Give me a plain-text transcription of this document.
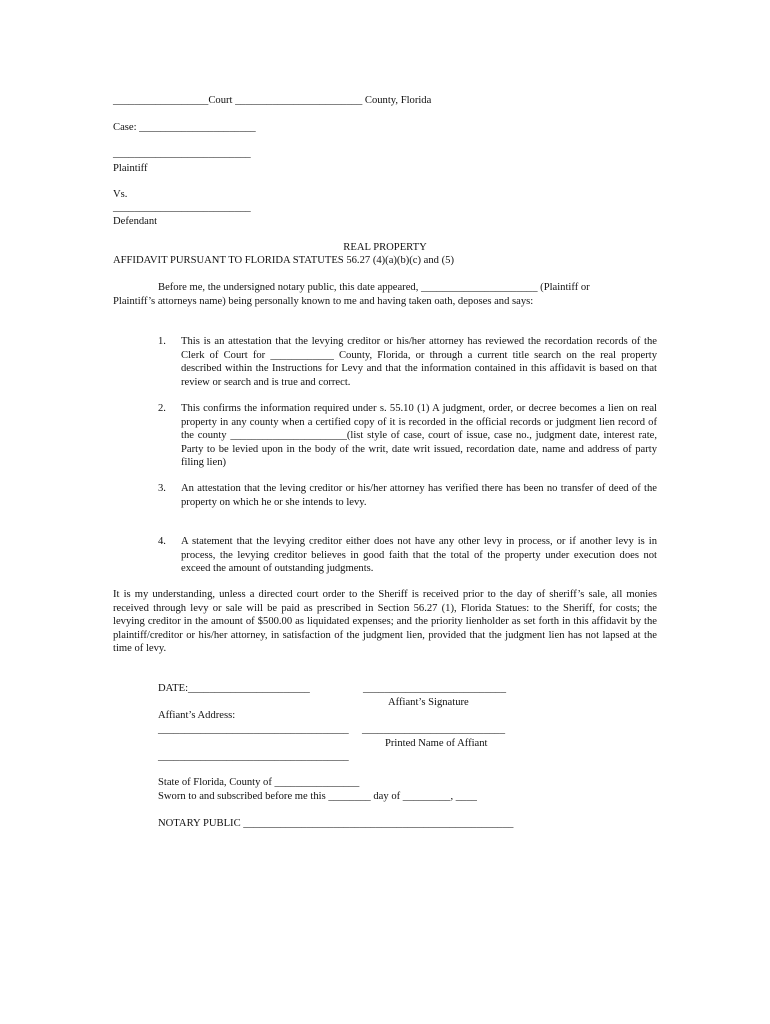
__________________Court ________________________ County, Florida
Case: ______________________
__________________________
Plaintiff
Vs.
__________________________
Defendant
REAL PROPERTY
AFFIDAVIT PURSUANT TO FLORIDA STATUTES 56.27 (4)(a)(b)(c) and (5)
Before me, the undersigned notary public, this date appeared, ______________________ (Plaintiff or
Plaintiff’s attorneys name) being personally known to me and having taken oath, deposes and says:
1. This is an attestation that the levying creditor or his/her attorney has reviewed the recordation records of the Clerk of Court for ____________ County, Florida, or through a current title search on the real property described within the Instructions for Levy and that the information contained in this affidavit is based on that review or search and is true and correct.
2. This confirms the information required under s. 55.10 (1) A judgment, order, or decree becomes a lien on real property in any county when a certified copy of it is recorded in the official records or judgment lien record of the county ______________________(list style of case, court of issue, case no., judgment date, interest rate, Party to be levied upon in the body of the writ, date writ issued, recordation date, name and address of party filing lien)
3. An attestation that the leving creditor or his/her attorney has verified there has been no transfer of deed of the property on which he or she intends to levy.
4. A statement that the levying creditor either does not have any other levy in process, or if another levy is in process, the levying creditor believes in good faith that the total of the property under execution does not exceed the amount of outstanding judgments.
It is my understanding, unless a directed court order to the Sheriff is received prior to the day of sheriff’s sale, all monies received through levy or sale will be paid as prescribed in Section 56.27 (1), Florida Statues: to the Sheriff, for costs; the levying creditor in the amount of $500.00 as liquidated expenses; and the priority lienholder as set forth in this affidavit by the plaintiff/creditor or his/her attorney, in satisfaction of the judgment lien, provided that the judgment lien has not lapsed at the time of levy.
DATE:_______________________	___________________________
Affiant’s Signature
Affiant’s Address:
____________________________________ ___________________________
Printed Name of Affiant
____________________________________
State of Florida, County of ________________
Sworn to and subscribed before me this ________ day of _________, ____
NOTARY PUBLIC ___________________________________________________
